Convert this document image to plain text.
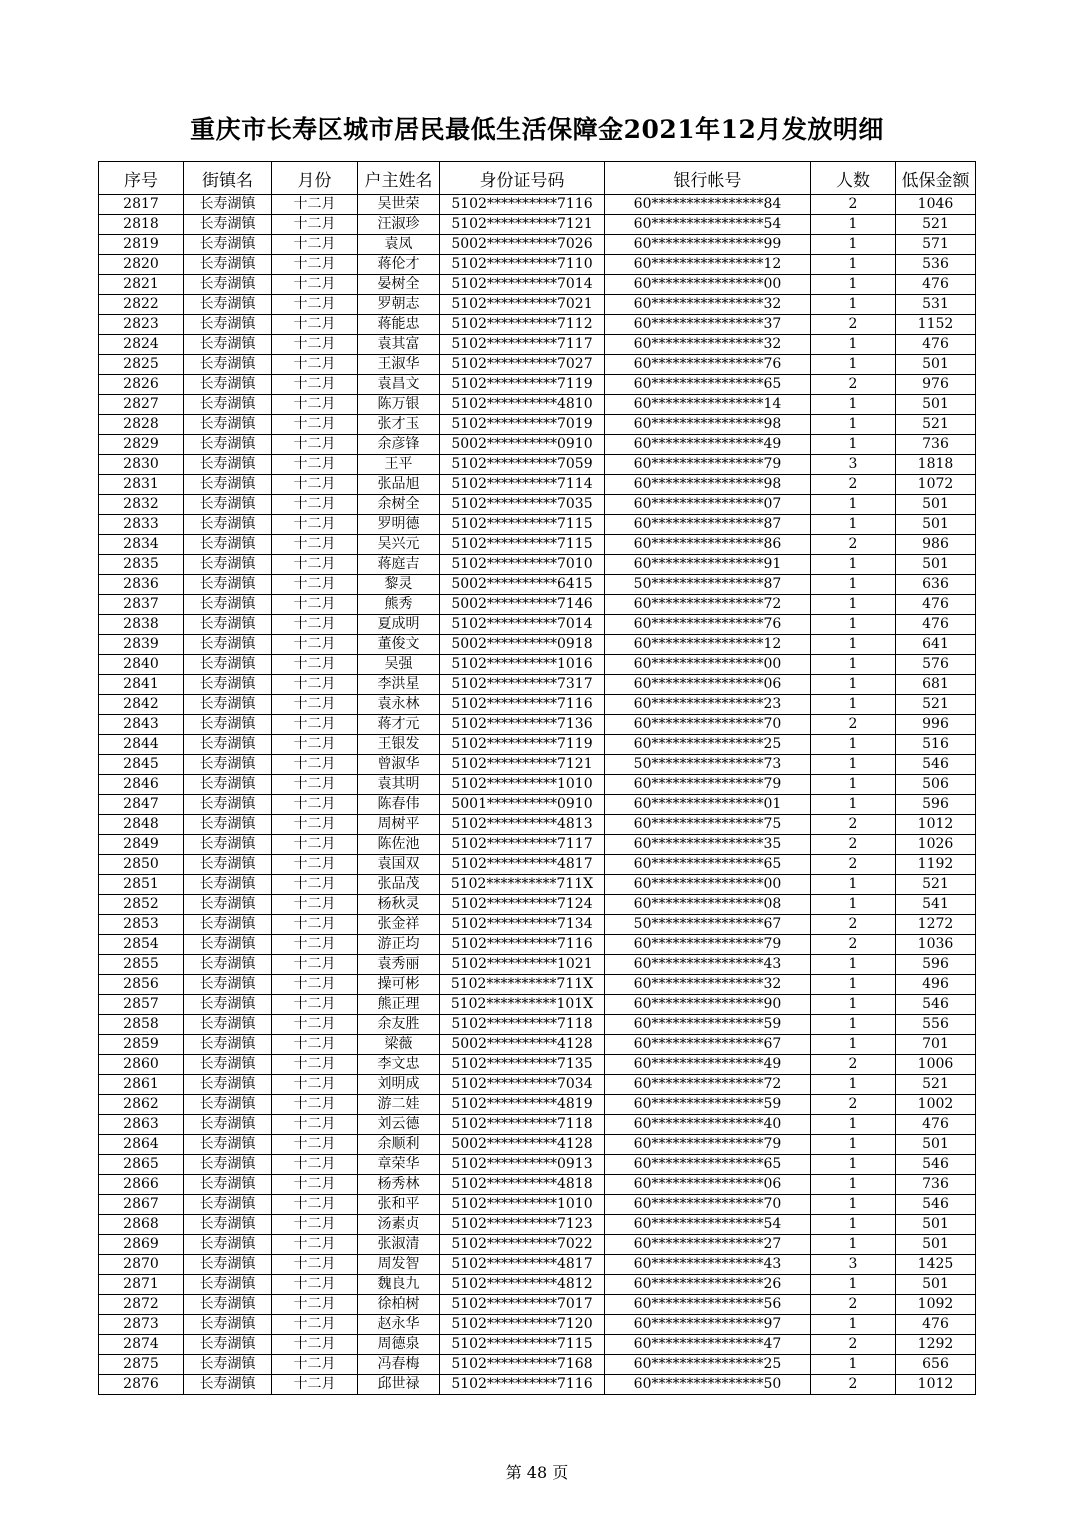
重庆市长寿区城市居民最低生活保障金2021年12月发放明细
序号	街镇名	月份	户主姓名	身份证号码	银行帐号	人数	低保金额
2817	长寿湖镇	十二月	吴世荣	5102**********7116	60****************84	2	1046
2818	长寿湖镇	十二月	汪淑珍	5102**********7121	60****************54	1	521
2819	长寿湖镇	十二月	袁凤	5002**********7026	60****************99	1	571
2820	长寿湖镇	十二月	蒋伦才	5102**********7110	60****************12	1	536
2821	长寿湖镇	十二月	晏树全	5102**********7014	60****************00	1	476
2822	长寿湖镇	十二月	罗朝志	5102**********7021	60****************32	1	531
2823	长寿湖镇	十二月	蒋能忠	5102**********7112	60****************37	2	1152
2824	长寿湖镇	十二月	袁其富	5102**********7117	60****************32	1	476
2825	长寿湖镇	十二月	王淑华	5102**********7027	60****************76	1	501
2826	长寿湖镇	十二月	袁昌文	5102**********7119	60****************65	2	976
2827	长寿湖镇	十二月	陈万银	5102**********4810	60****************14	1	501
2828	长寿湖镇	十二月	张才玉	5102**********7019	60****************98	1	521
2829	长寿湖镇	十二月	余彦锋	5002**********0910	60****************49	1	736
2830	长寿湖镇	十二月	王平	5102**********7059	60****************79	3	1818
2831	长寿湖镇	十二月	张品旭	5102**********7114	60****************98	2	1072
2832	长寿湖镇	十二月	余树全	5102**********7035	60****************07	1	501
2833	长寿湖镇	十二月	罗明德	5102**********7115	60****************87	1	501
2834	长寿湖镇	十二月	吴兴元	5102**********7115	60****************86	2	986
2835	长寿湖镇	十二月	蒋庭吉	5102**********7010	60****************91	1	501
2836	长寿湖镇	十二月	黎灵	5002**********6415	50****************87	1	636
2837	长寿湖镇	十二月	熊秀	5002**********7146	60****************72	1	476
2838	长寿湖镇	十二月	夏成明	5102**********7014	60****************76	1	476
2839	长寿湖镇	十二月	董俊文	5002**********0918	60****************12	1	641
2840	长寿湖镇	十二月	吴强	5102**********1016	60****************00	1	576
2841	长寿湖镇	十二月	李洪星	5102**********7317	60****************06	1	681
2842	长寿湖镇	十二月	袁永林	5102**********7116	60****************23	1	521
2843	长寿湖镇	十二月	蒋才元	5102**********7136	60****************70	2	996
2844	长寿湖镇	十二月	王银发	5102**********7119	60****************25	1	516
2845	长寿湖镇	十二月	曾淑华	5102**********7121	50****************73	1	546
2846	长寿湖镇	十二月	袁其明	5102**********1010	60****************79	1	506
2847	长寿湖镇	十二月	陈春伟	5001**********0910	60****************01	1	596
2848	长寿湖镇	十二月	周树平	5102**********4813	60****************75	2	1012
2849	长寿湖镇	十二月	陈佐池	5102**********7117	60****************35	2	1026
2850	长寿湖镇	十二月	袁国双	5102**********4817	60****************65	2	1192
2851	长寿湖镇	十二月	张品茂	5102**********711X	60****************00	1	521
2852	长寿湖镇	十二月	杨秋灵	5102**********7124	60****************08	1	541
2853	长寿湖镇	十二月	张金祥	5102**********7134	50****************67	2	1272
2854	长寿湖镇	十二月	游正均	5102**********7116	60****************79	2	1036
2855	长寿湖镇	十二月	袁秀丽	5102**********1021	60****************43	1	596
2856	长寿湖镇	十二月	操可彬	5102**********711X	60****************32	1	496
2857	长寿湖镇	十二月	熊正理	5102**********101X	60****************90	1	546
2858	长寿湖镇	十二月	余友胜	5102**********7118	60****************59	1	556
2859	长寿湖镇	十二月	梁薇	5002**********4128	60****************67	1	701
2860	长寿湖镇	十二月	李文忠	5102**********7135	60****************49	2	1006
2861	长寿湖镇	十二月	刘明成	5102**********7034	60****************72	1	521
2862	长寿湖镇	十二月	游二娃	5102**********4819	60****************59	2	1002
2863	长寿湖镇	十二月	刘云德	5102**********7118	60****************40	1	476
2864	长寿湖镇	十二月	余顺利	5002**********4128	60****************79	1	501
2865	长寿湖镇	十二月	章荣华	5102**********0913	60****************65	1	546
2866	长寿湖镇	十二月	杨秀林	5102**********4818	60****************06	1	736
2867	长寿湖镇	十二月	张和平	5102**********1010	60****************70	1	546
2868	长寿湖镇	十二月	汤素贞	5102**********7123	60****************54	1	501
2869	长寿湖镇	十二月	张淑清	5102**********7022	60****************27	1	501
2870	长寿湖镇	十二月	周发智	5102**********4817	60****************43	3	1425
2871	长寿湖镇	十二月	魏良九	5102**********4812	60****************26	1	501
2872	长寿湖镇	十二月	徐柏树	5102**********7017	60****************56	2	1092
2873	长寿湖镇	十二月	赵永华	5102**********7120	60****************97	1	476
2874	长寿湖镇	十二月	周德泉	5102**********7115	60****************47	2	1292
2875	长寿湖镇	十二月	冯春梅	5102**********7168	60****************25	1	656
2876	长寿湖镇	十二月	邱世禄	5102**********7116	60****************50	2	1012
第 48 页
